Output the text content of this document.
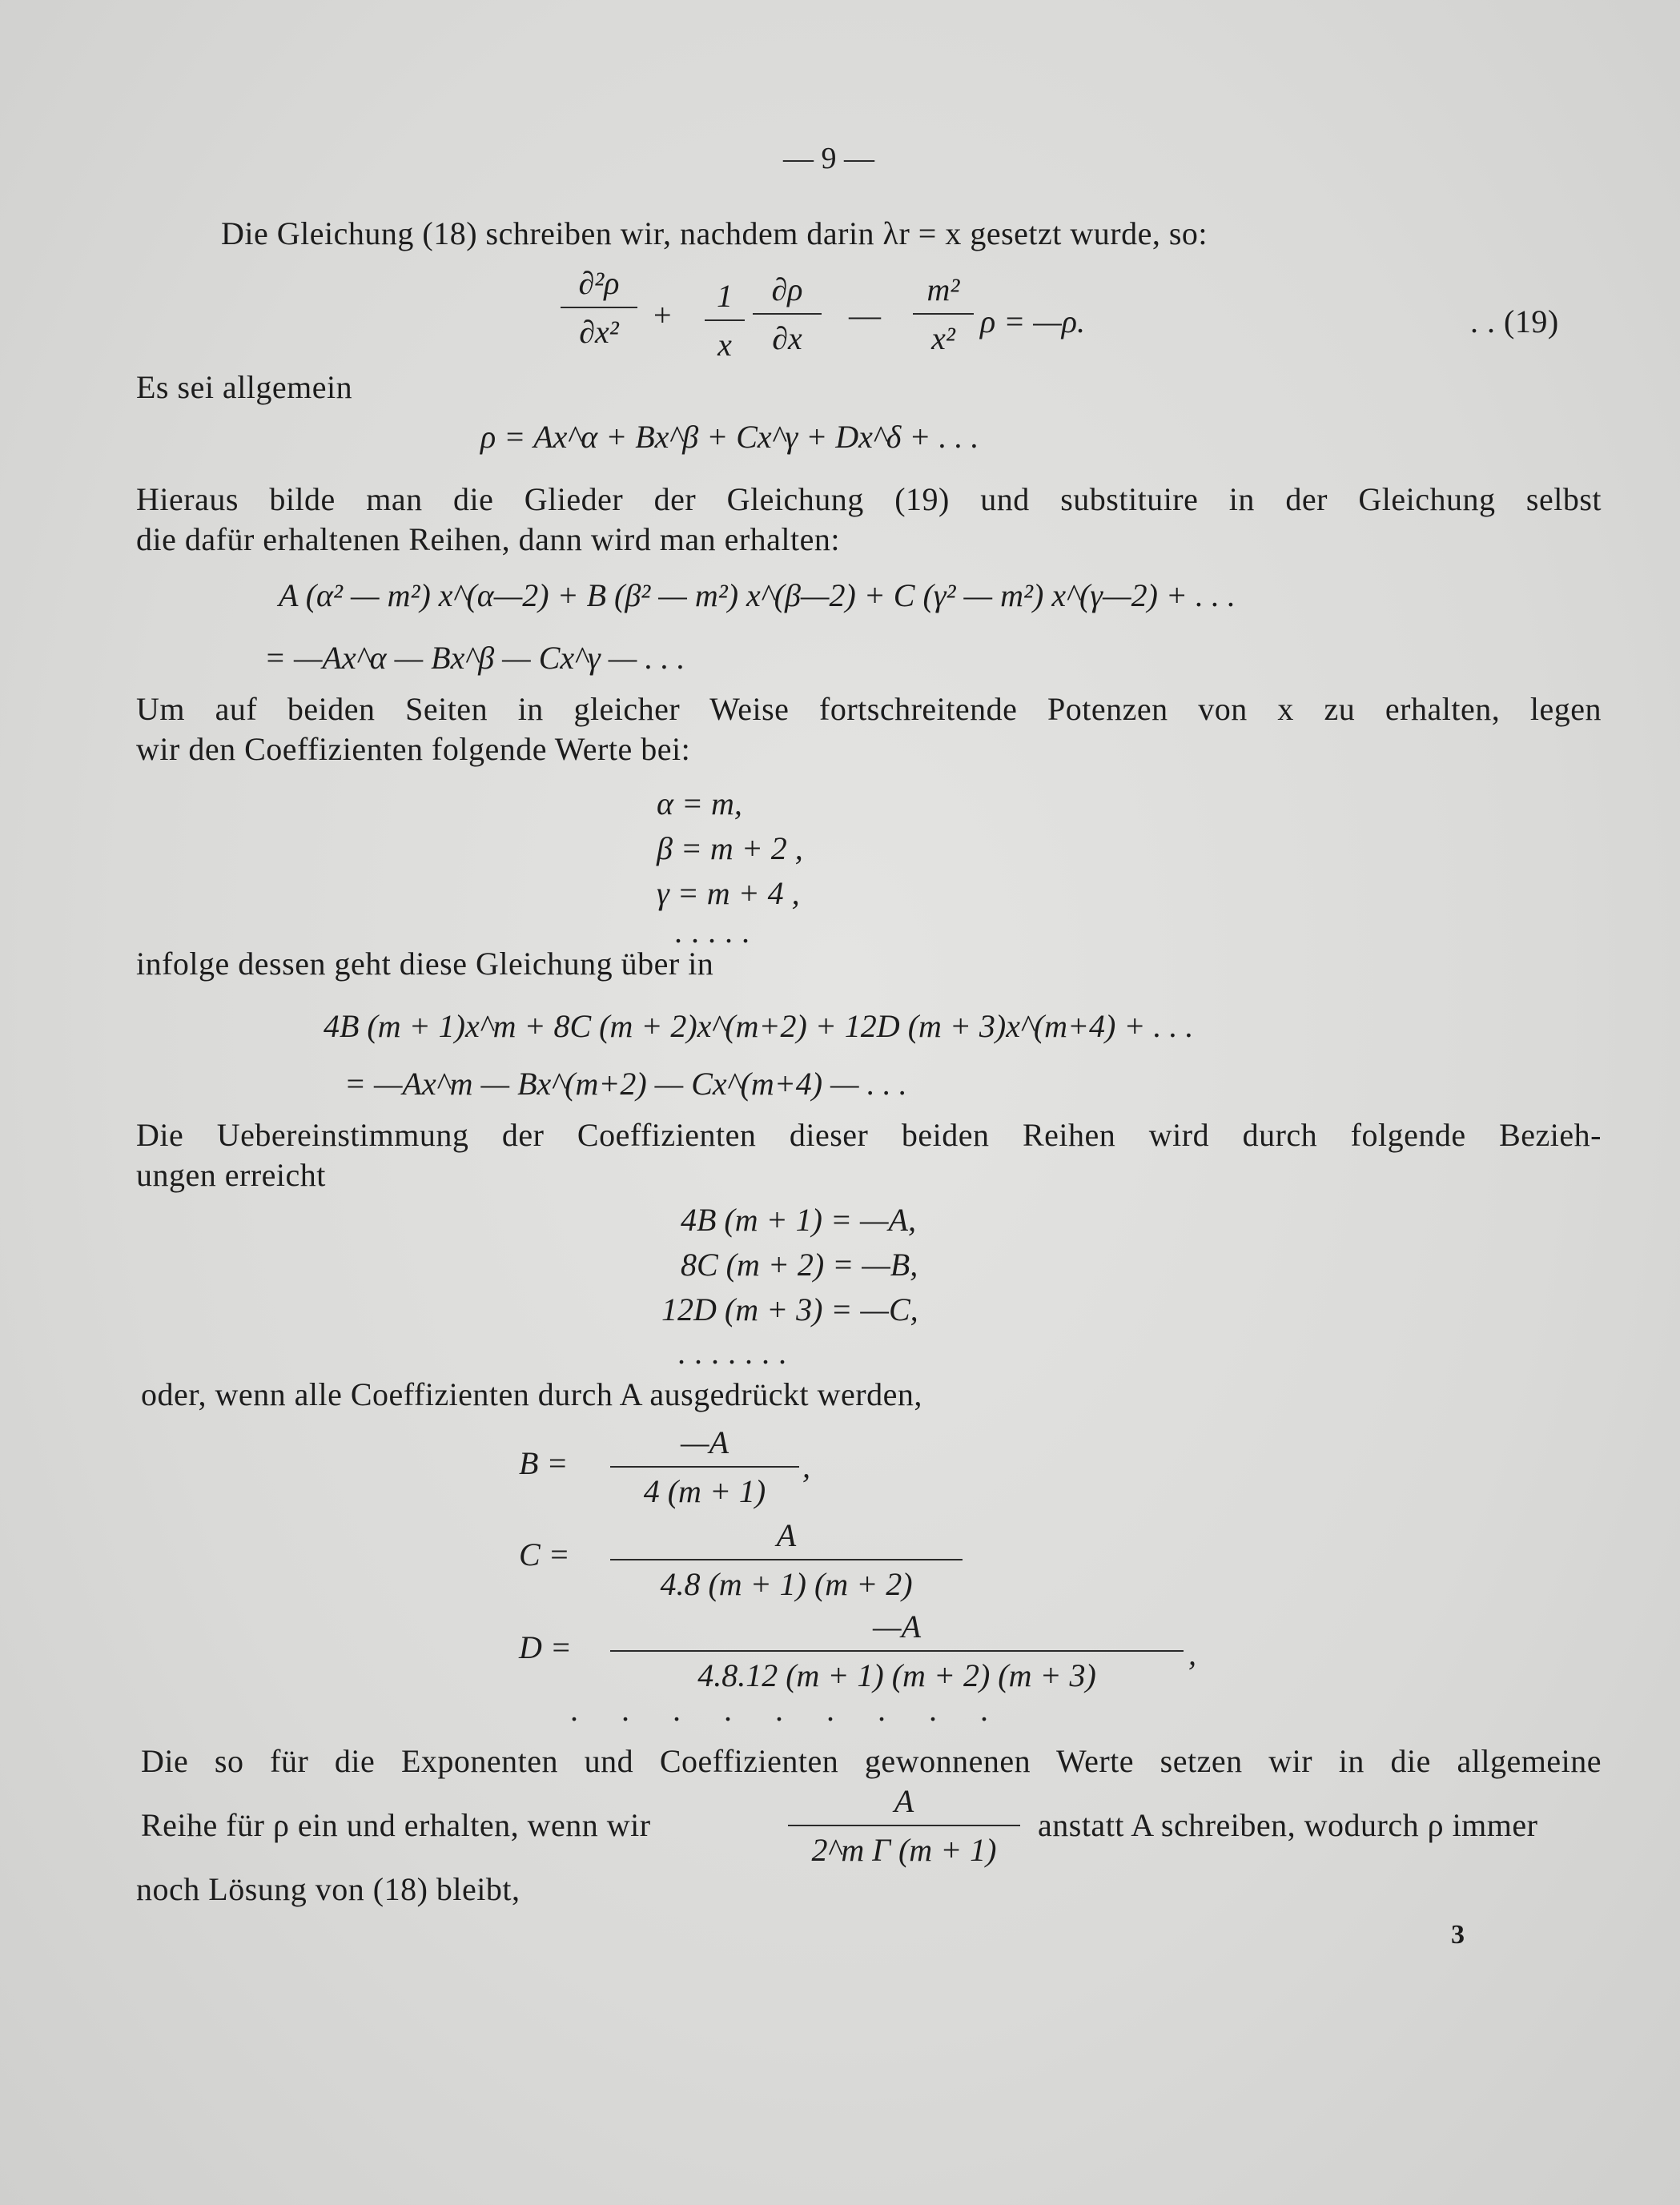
— 9 —
Die Gleichung (18) schreiben wir, nachdem darin λr = x gesetzt wurde, so:
∂²ρ
∂x²	+
1
x
∂ρ
∂x
—
m²
x² ρ = —ρ.	. . (19)
Es sei allgemein
ρ = Ax^α + Bx^β + Cx^γ + Dx^δ + . . .
Hieraus bilde man die Glieder der Gleichung (19) und substituire in der Gleichung selbst
die dafür erhaltenen Reihen, dann wird man erhalten:
A (α² — m²) x^(α—2) + B (β² — m²) x^(β—2) + C (γ² — m²) x^(γ—2) + . . .
= —Ax^α — Bx^β — Cx^γ — . . .
Um auf beiden Seiten in gleicher Weise fortschreitende Potenzen von x zu erhalten, legen
wir den Coeffizienten folgende Werte bei:
α = m,
β = m + 2 ,
γ = m + 4 ,
. . . . .
infolge dessen geht diese Gleichung über in
4B (m + 1)x^m + 8C (m + 2)x^(m+2) + 12D (m + 3)x^(m+4) + . . .
= —Ax^m — Bx^(m+2) — Cx^(m+4) — . . .
Die Uebereinstimmung der Coeffizienten dieser beiden Reihen wird durch folgende Bezieh-
ungen erreicht
4B (m + 1) = —A,
8C (m + 2) = —B,
12D (m + 3) = —C,
. . . . . . .
oder, wenn alle Coeffizienten durch A ausgedrückt werden,
B =
—A
4 (m + 1)
,
C =
A
4.8 (m + 1) (m + 2)
D =
—A
4.8.12 (m + 1) (m + 2) (m + 3)
,
. . . . . . . . .
Die so für die Exponenten und Coeffizienten gewonnenen Werte setzen wir in die allgemeine
Reihe für ρ ein und erhalten, wenn wir
A
2^m Γ (m + 1)
anstatt A schreiben, wodurch ρ immer
noch Lösung von (18) bleibt,
3
